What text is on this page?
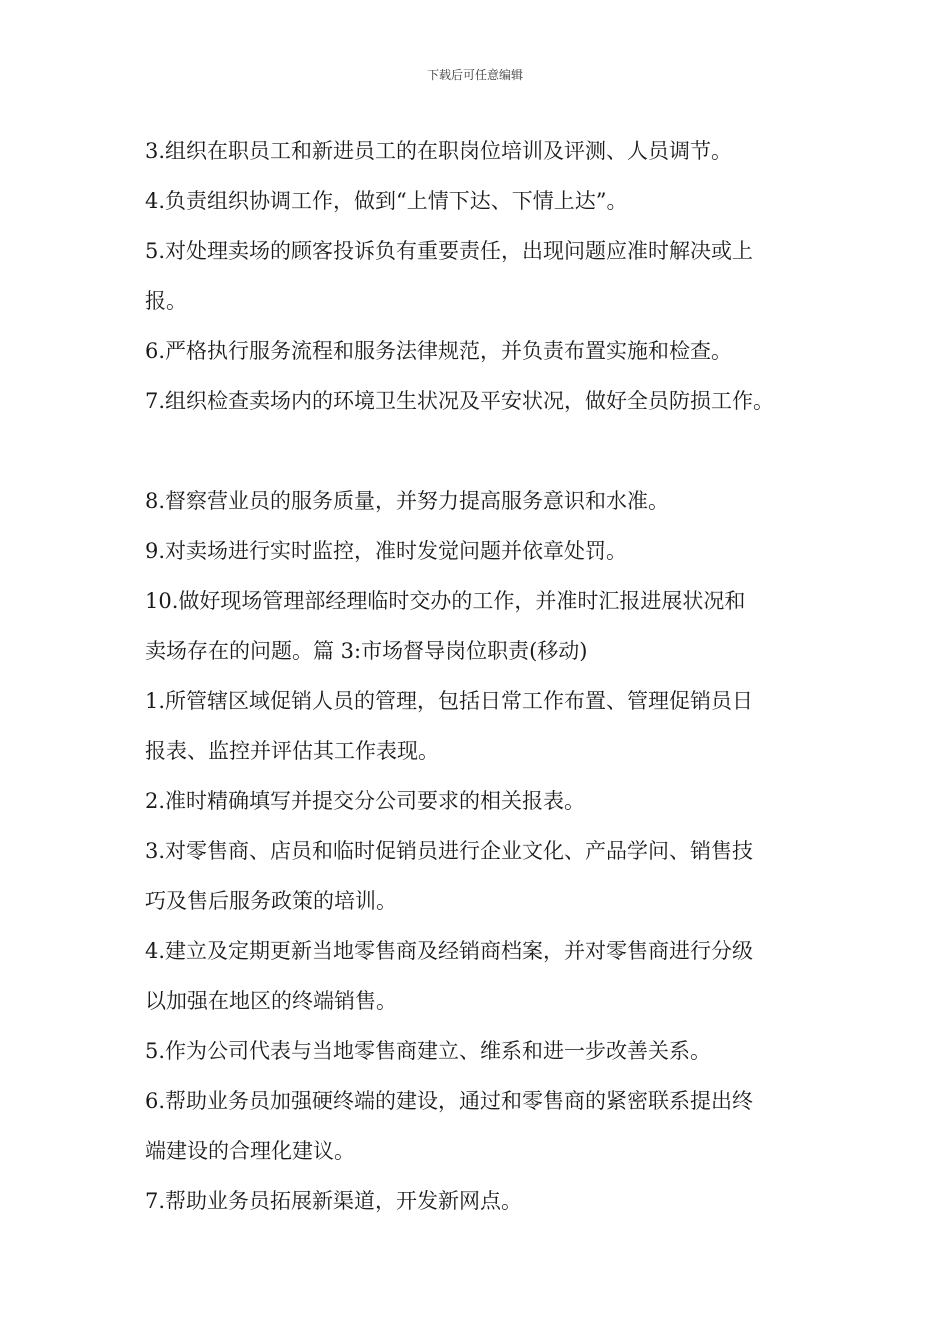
下载后可任意编辑
3.组织在职员工和新进员工的在职岗位培训及评测、人员调节。
4.负责组织协调工作，做到“上情下达、下情上达”。
5.对处理卖场的顾客投诉负有重要责任，出现问题应准时解决或上
报。
6.严格执行服务流程和服务法律规范，并负责布置实施和检查。
7.组织检查卖场内的环境卫生状况及平安状况，做好全员防损工作。
8.督察营业员的服务质量，并努力提高服务意识和水准。
9.对卖场进行实时监控，准时发觉问题并依章处罚。
10.做好现场管理部经理临时交办的工作，并准时汇报进展状况和
卖场存在的问题。篇 3:市场督导岗位职责(移动)
1.所管辖区域促销人员的管理，包括日常工作布置、管理促销员日
报表、监控并评估其工作表现。
2.准时精确填写并提交分公司要求的相关报表。
3.对零售商、店员和临时促销员进行企业文化、产品学问、销售技
巧及售后服务政策的培训。
4.建立及定期更新当地零售商及经销商档案，并对零售商进行分级
以加强在地区的终端销售。
5.作为公司代表与当地零售商建立、维系和进一步改善关系。
6.帮助业务员加强硬终端的建设，通过和零售商的紧密联系提出终
端建设的合理化建议。
7.帮助业务员拓展新渠道，开发新网点。
